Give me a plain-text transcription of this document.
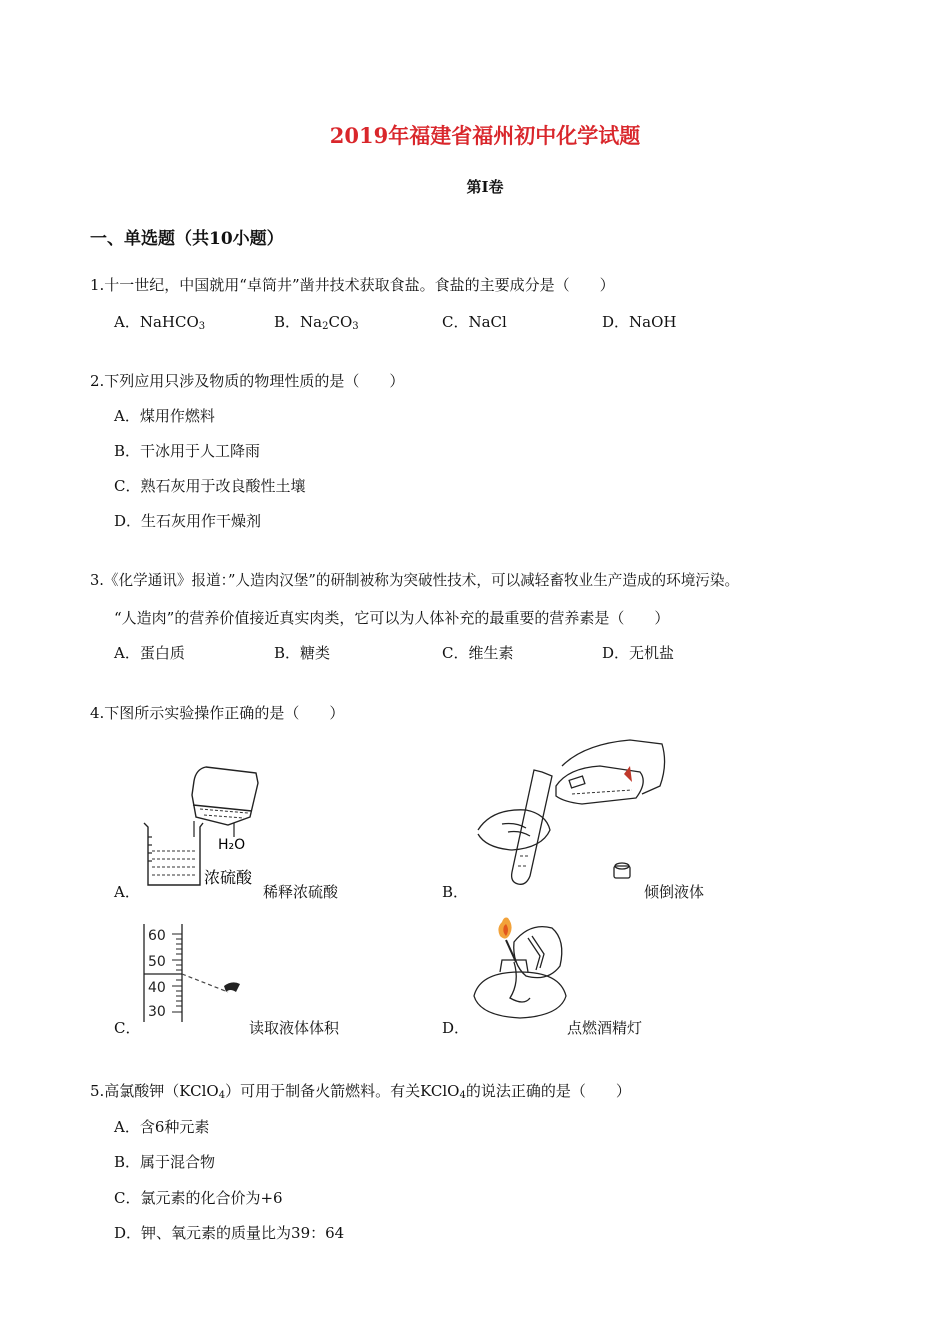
2019年福建省福州初中化学试题
第Ⅰ卷
一、单选题（共10小题）
1.十一世纪，中国就用“卓筒井”凿井技术获取食盐。食盐的主要成分是（　　）
A．NaHCO$_3$	B．$Na_2CO_3$	C．NaCl	D．NaOH
2.下列应用只涉及物质的物理性质的是（　　）
A．煤用作燃料
B．干冰用于人工降雨
C．熟石灰用于改良酸性土壤
D．生石灰用作干燥剂
3.《化学通讯》报道：”人造肉汉堡”的研制被称为突破性技术，可以减轻畜牧业生产造成的环境污染。
“人造肉”的营养价值接近真实肉类，它可以为人体补充的最重要的营养素是（　　）
A．蛋白质	B．糖类	C．维生素	D．无机盐
4.下图所示实验操作正确的是（　　）
H₂O
浓硫酸
A．	稀释浓硫酸	B．	倾倒液体
60
50
40
30
C．	读取液体体积	D．	点燃酒精灯
5.高氯酸钾（KClO$_4$）可用于制备火箭燃料。有关KClO$_4$的说法正确的是（　　）
A．含6种元素
B．属于混合物
C．氯元素的化合价为+6
D．钾、氧元素的质量比为39：64
